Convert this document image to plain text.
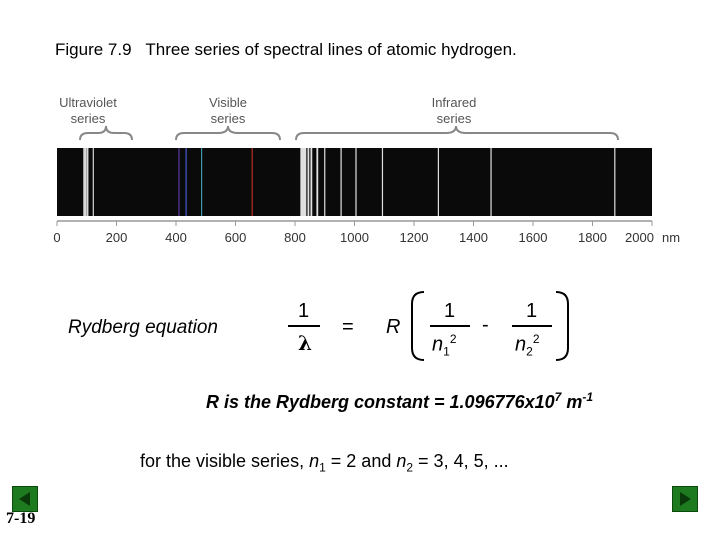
Figure 7.9 Three series of spectral lines of atomic hydrogen.
Ultraviolet
series
Visible
series
Infrared
series
0	200	400	600	800	1000 1200 1400 1600 1800 2000 nm
Rydberg equation
1
λ
= R
1
$n_1^2$
-
1
$n_2^2$
R is the Rydberg constant = $1.096776x10^7$ $m^{-1}$
for the visible series, $n_1 = 2$ and $n_2 = 3$, 4, 5, ...
7-19
